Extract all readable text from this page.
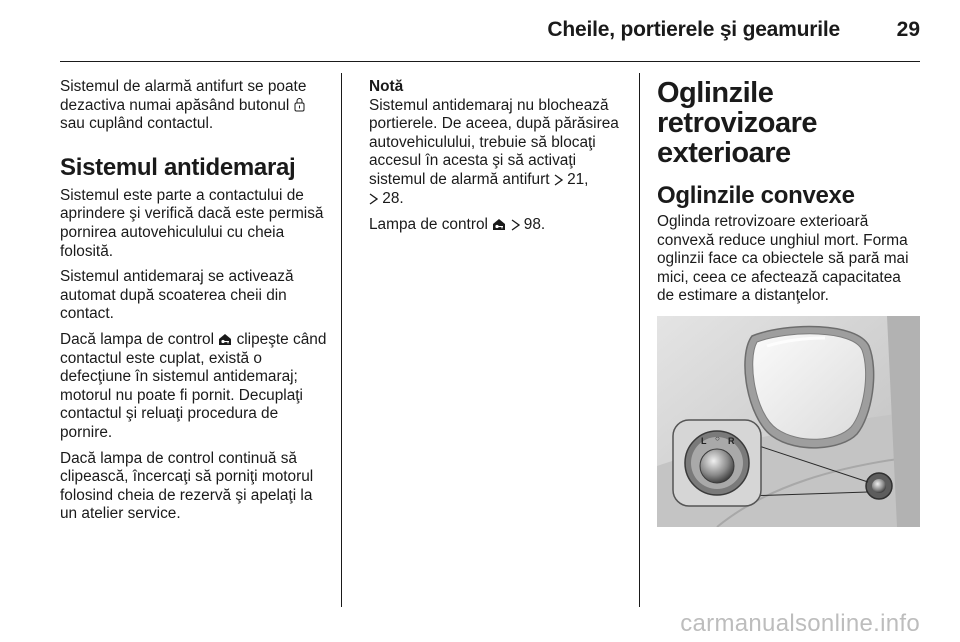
Cheile, portierele şi geamurile	29

Sistemul de alarmă antifurt se poate dezactiva numai apăsând butonul  sau cuplând contactul.

Sistemul antidemaraj

Sistemul este parte a contactului de aprindere şi verifică dacă este permisă pornirea autovehiculului cu cheia folosită.

Sistemul antidemaraj se activează automat după scoaterea cheii din contact.

Dacă lampa de control clipeşte când contactul este cuplat, există o defecţiune în sistemul antidemaraj; motorul nu poate fi pornit. Decuplaţi contactul şi reluaţi procedura de pornire.

Dacă lampa de control continuă să clipească, încercaţi să porniţi motorul folosind cheia de rezervă şi apelaţi la un atelier service.

Notă
Sistemul antidemaraj nu blochează portierele. De aceea, după părăsirea autovehiculului, trebuie să blocaţi accesul în acesta şi să activaţi sistemul de alarmă antifurt 21,
28.

Lampa de control 98.

Oglinzile retrovizoare exterioare
Oglinzile convexe

Oglinda retrovizoare exterioară convexă reduce unghiul mort. Forma oglinzii face ca obiectele să pară mai mici, ceea ce afectează capacitatea de estimare a distanţelor.

L ○ R
carmanualsonline.info
